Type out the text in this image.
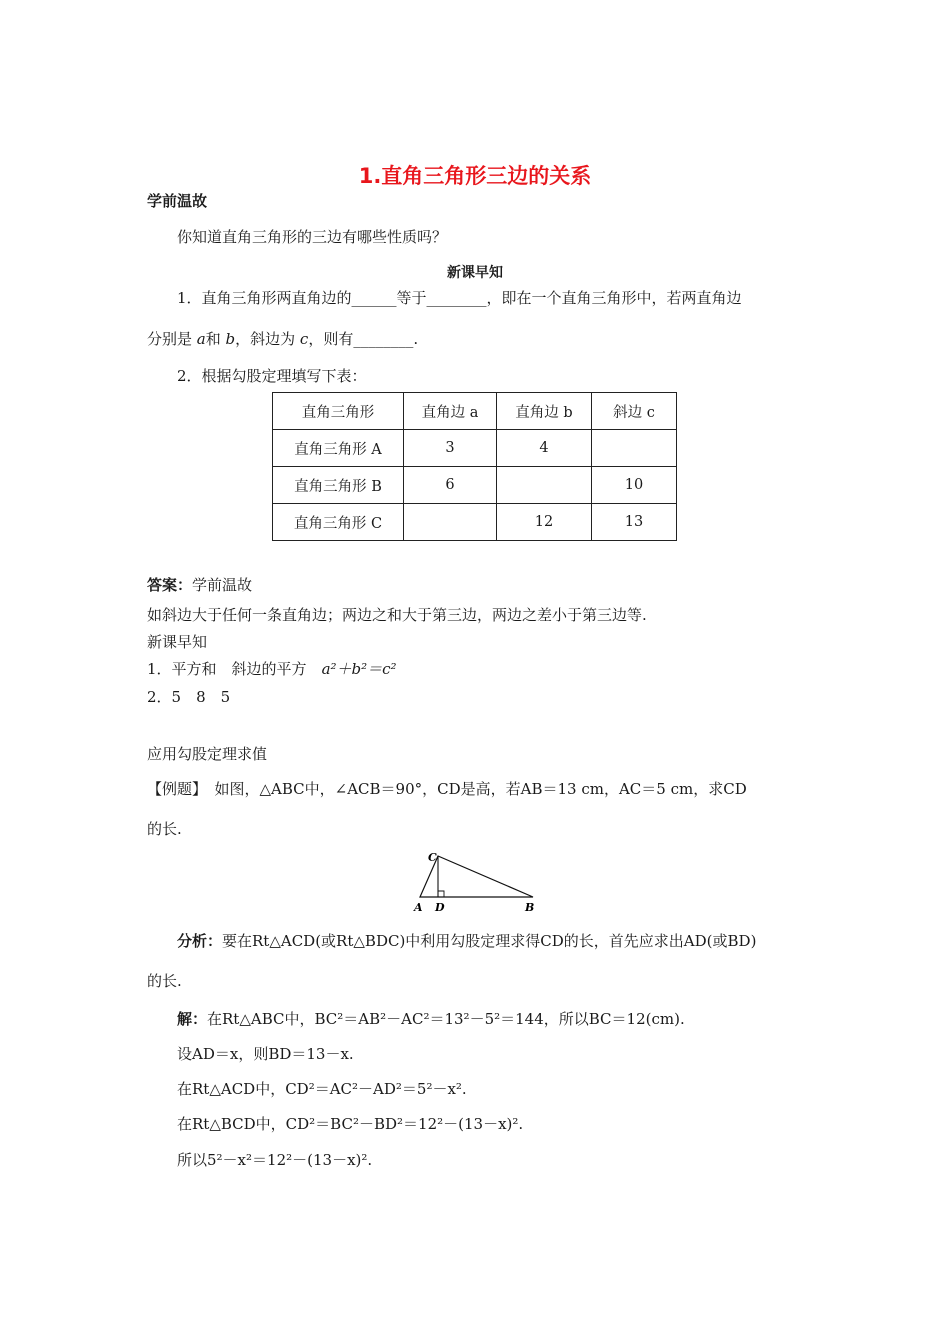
1.直角三角形三边的关系
学前温故
你知道直角三角形的三边有哪些性质吗？
新课早知
1．直角三角形两直角边的______等于________，即在一个直角三角形中，若两直角边
分别是 a和 b，斜边为 c，则有________.
2．根据勾股定理填写下表：
直角三角形	直角边 a	直角边 b	斜边 c
直角三角形 A	3	4	
直角三角形 B	6		10
直角三角形 C		12	13
答案：学前温故
如斜边大于任何一条直角边；两边之和大于第三边，两边之差小于第三边等.
新课早知
1．平方和　斜边的平方　 a²＋b²＝c²
2．5　8　5
应用勾股定理求值
【例题】　如图，△ABC中，∠ACB＝90°，CD是高，若AB＝13 cm，AC＝5 cm，求CD
的长.
C
A D	B
分析：要在Rt△ACD(或Rt△BDC)中利用勾股定理求得CD的长，首先应求出AD(或BD)
的长.
解：在Rt△ABC中，BC²＝AB²－AC²＝13²－5²＝144，所以BC＝12(cm).
设AD＝x，则BD＝13－x.
在Rt△ACD中，CD²＝AC²－AD²＝5²－x².
在Rt△BCD中，CD²＝BC²－BD²＝12²－(13－x)².
所以5²－x²＝12²－(13－x)².
